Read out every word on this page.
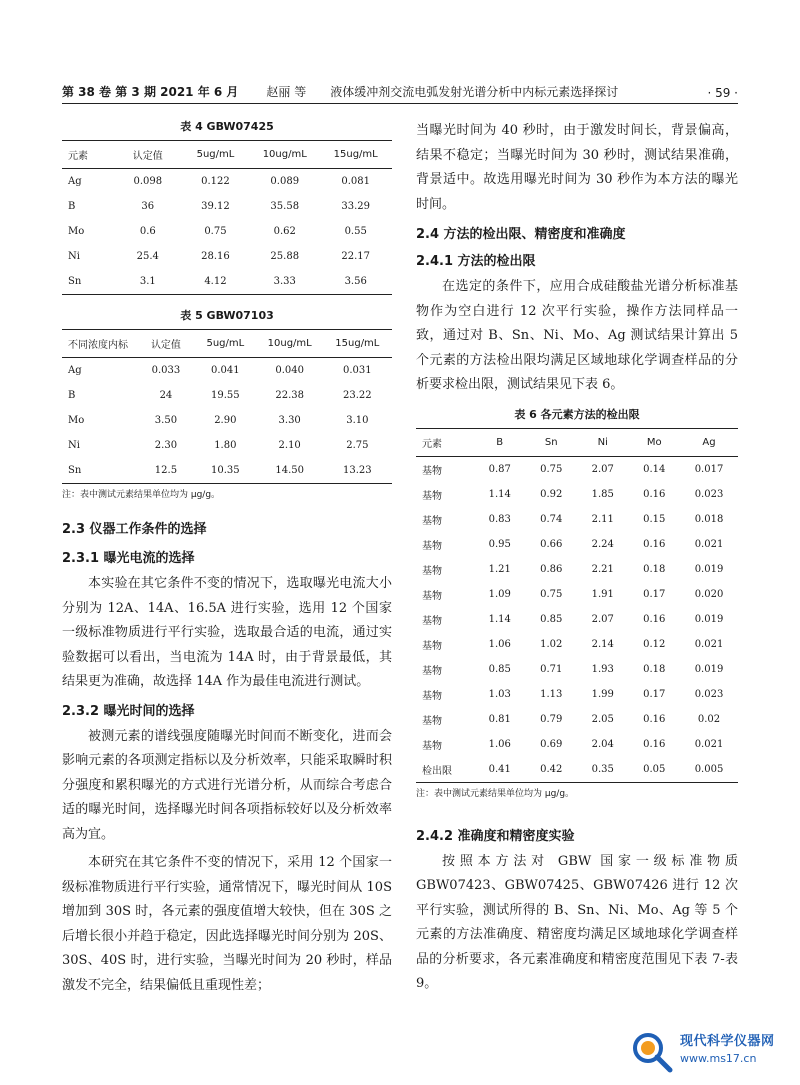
第 38 卷 第 3 期 2021 年 6 月 赵丽 等 液体缓冲剂交流电弧发射光谱分析中内标元素选择探讨	· 59 ·
表 4 GBW07425
元素	认定值	5ug/mL	10ug/mL	15ug/mL
Ag	0.098	0.122	0.089	0.081
B	36	39.12	35.58	33.29
Mo	0.6	0.75	0.62	0.55
Ni	25.4	28.16	25.88	22.17
Sn	3.1	4.12	3.33	3.56
表 5 GBW07103
不同浓度内标	认定值	5ug/mL	10ug/mL	15ug/mL
Ag	0.033	0.041	0.040	0.031
B	24	19.55	22.38	23.22
Mo	3.50	2.90	3.30	3.10
Ni	2.30	1.80	2.10	2.75
Sn	12.5	10.35	14.50	13.23
注：表中测试元素结果单位均为 μg/g。

2.3 仪器工作条件的选择

2.3.1 曝光电流的选择

本实验在其它条件不变的情况下，选取曝光电流大小分别为 12A、14A、16.5A 进行实验，选用 12 个国家一级标准物质进行平行实验，选取最合适的电流，通过实验数据可以看出，当电流为 14A 时，由于背景最低，其结果更为准确，故选择 14A 作为最佳电流进行测试。

2.3.2 曝光时间的选择

被测元素的谱线强度随曝光时间而不断变化，进而会影响元素的各项测定指标以及分析效率，只能采取瞬时积分强度和累积曝光的方式进行光谱分析，从而综合考虑合适的曝光时间，选择曝光时间各项指标较好以及分析效率高为宜。

本研究在其它条件不变的情况下，采用 12 个国家一级标准物质进行平行实验，通常情况下，曝光时间从 10S 增加到 30S 时，各元素的强度值增大较快，但在 30S 之后增长很小并趋于稳定，因此选择曝光时间分别为 20S、30S、40S 时，进行实验，当曝光时间为 20 秒时，样品激发不完全，结果偏低且重现性差；

当曝光时间为 40 秒时，由于激发时间长，背景偏高，结果不稳定；当曝光时间为 30 秒时，测试结果准确，背景适中。故选用曝光时间为 30 秒作为本方法的曝光时间。

2.4 方法的检出限、精密度和准确度

2.4.1 方法的检出限

在选定的条件下，应用合成硅酸盐光谱分析标准基物作为空白进行 12 次平行实验，操作方法同样品一致，通过对 B、Sn、Ni、Mo、Ag 测试结果计算出 5 个元素的方法检出限均满足区域地球化学调查样品的分析要求检出限，测试结果见下表 6。

表 6 各元素方法的检出限
元素	B	Sn	Ni	Mo	Ag
基物	0.87	0.75	2.07	0.14	0.017
基物	1.14	0.92	1.85	0.16	0.023
基物	0.83	0.74	2.11	0.15	0.018
基物	0.95	0.66	2.24	0.16	0.021
基物	1.21	0.86	2.21	0.18	0.019
基物	1.09	0.75	1.91	0.17	0.020
基物	1.14	0.85	2.07	0.16	0.019
基物	1.06	1.02	2.14	0.12	0.021
基物	0.85	0.71	1.93	0.18	0.019
基物	1.03	1.13	1.99	0.17	0.023
基物	0.81	0.79	2.05	0.16	0.02
基物	1.06	0.69	2.04	0.16	0.021
检出限	0.41	0.42	0.35	0.05	0.005
注：表中测试元素结果单位均为 μg/g。

2.4.2 准确度和精密度实验

按照本方法对 GBW 国家一级标准物质 GBW07423、GBW07425、GBW07426 进行 12 次平行实验，测试所得的 B、Sn、Ni、Mo、Ag 等 5 个元素的方法准确度、精密度均满足区域地球化学调查样品的分析要求，各元素准确度和精密度范围见下表 7-表 9。

现代科学仪器网
www.ms17.cn
